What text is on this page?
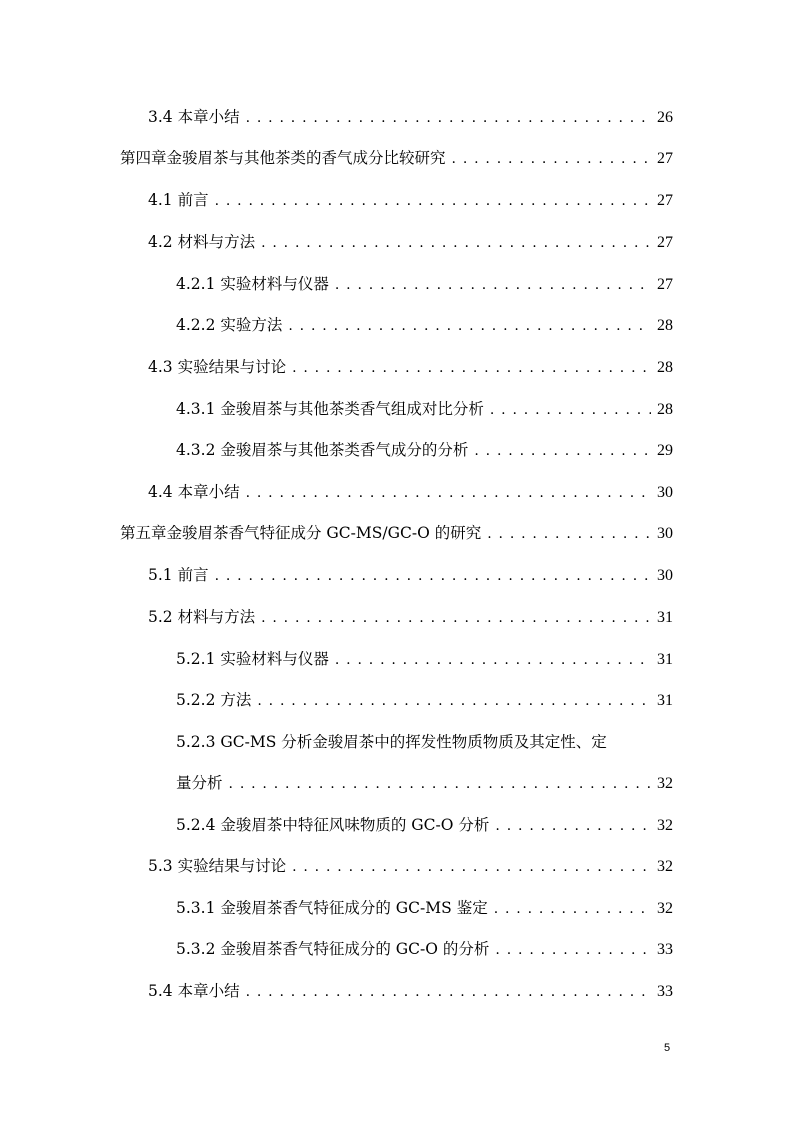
3.4 本章小结 . . .	26
第四章金骏眉茶与其他茶类的香气成分比较研究 . . .	27
4.1 前言 . . .	27
4.2 材料与方法 . . .	27
4.2.1 实验材料与仪器 . . .	27
4.2.2 实验方法 . . .	28
4.3 实验结果与讨论 . . .	28
4.3.1 金骏眉茶与其他茶类香气组成对比分析 . . .	28
4.3.2 金骏眉茶与其他茶类香气成分的分析 . . .	29
4.4 本章小结 . . .	30
第五章金骏眉茶香气特征成分 GC-MS/GC-O 的研究 . . .	30
5.1 前言 . . .	30
5.2 材料与方法 . . .	31
5.2.1 实验材料与仪器 . . .	31
5.2.2 方法 . . .	31
5.2.3 GC-MS 分析金骏眉茶中的挥发性物质物质及其定性、定
量分析 . . .	32
5.2.4 金骏眉茶中特征风味物质的 GC-O 分析 . . .	32
5.3 实验结果与讨论 . . .	32
5.3.1 金骏眉茶香气特征成分的 GC-MS 鉴定 . . .	32
5.3.2 金骏眉茶香气特征成分的 GC-O 的分析 . . .	33
5.4 本章小结 . . .	33
5
